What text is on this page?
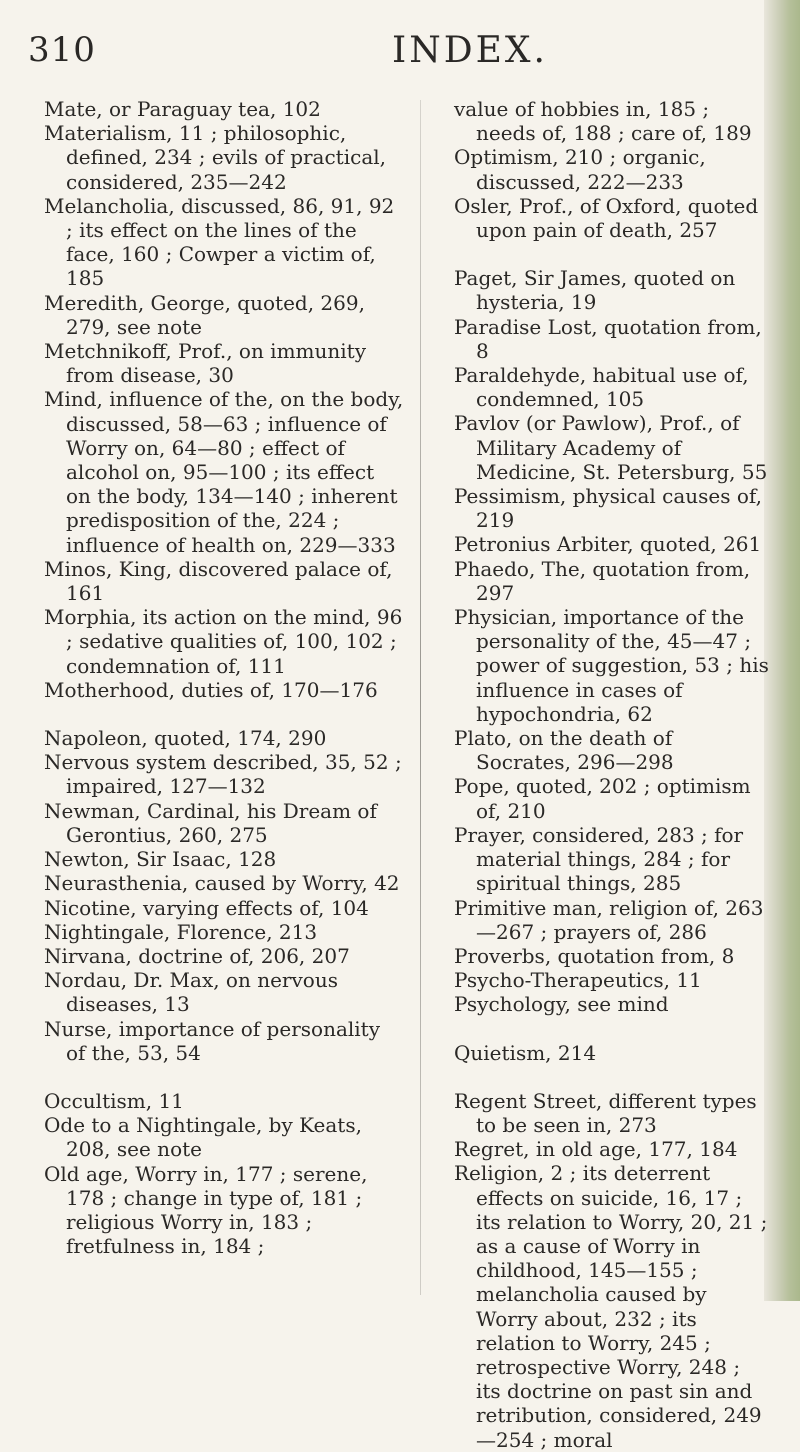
310	INDEX.

Mate, or Paraguay tea, 102

Materialism, 11 ; philosophic, defined, 234 ; evils of practical, considered, 235—242

Melancholia, discussed, 86, 91, 92 ; its effect on the lines of the face, 160 ; Cowper a victim of, 185

Meredith, George, quoted, 269, 279, see note

Metchnikoff, Prof., on immunity from disease, 30

Mind, influence of the, on the body, discussed, 58—63 ; influence of Worry on, 64—80 ; effect of alcohol on, 95—100 ; its effect on the body, 134—140 ; inherent predisposition of the, 224 ; influence of health on, 229—333

Minos, King, discovered palace of, 161

Morphia, its action on the mind, 96 ; sedative qualities of, 100, 102 ; condemnation of, 111

Motherhood, duties of, 170—176

Napoleon, quoted, 174, 290

Nervous system described, 35, 52 ; impaired, 127—132

Newman, Cardinal, his Dream of Gerontius, 260, 275

Newton, Sir Isaac, 128

Neurasthenia, caused by Worry, 42

Nicotine, varying effects of, 104

Nightingale, Florence, 213

Nirvana, doctrine of, 206, 207

Nordau, Dr. Max, on nervous diseases, 13

Nurse, importance of personality of the, 53, 54

Occultism, 11

Ode to a Nightingale, by Keats, 208, see note

Old age, Worry in, 177 ; serene, 178 ; change in type of, 181 ; religious Worry in, 183 ; fretfulness in, 184 ;

value of hobbies in, 185 ; needs of, 188 ; care of, 189

Optimism, 210 ; organic, discussed, 222—233

Osler, Prof., of Oxford, quoted upon pain of death, 257

Paget, Sir James, quoted on hysteria, 19

Paradise Lost, quotation from, 8

Paraldehyde, habitual use of, condemned, 105

Pavlov (or Pawlow), Prof., of Military Academy of Medicine, St. Petersburg, 55

Pessimism, physical causes of, 219

Petronius Arbiter, quoted, 261

Phaedo, The, quotation from, 297

Physician, importance of the personality of the, 45—47 ; power of suggestion, 53 ; his influence in cases of hypochondria, 62

Plato, on the death of Socrates, 296—298

Pope, quoted, 202 ; optimism of, 210

Prayer, considered, 283 ; for material things, 284 ; for spiritual things, 285

Primitive man, religion of, 263—267 ; prayers of, 286

Proverbs, quotation from, 8

Psycho-Therapeutics, 11

Psychology, see mind

Quietism, 214

Regent Street, different types to be seen in, 273

Regret, in old age, 177, 184

Religion, 2 ; its deterrent effects on suicide, 16, 17 ; its relation to Worry, 20, 21 ; as a cause of Worry in childhood, 145—155 ; melancholia caused by Worry about, 232 ; its relation to Worry, 245 ; retrospective Worry, 248 ; its doctrine on past sin and retribution, considered, 249—254 ; moral
